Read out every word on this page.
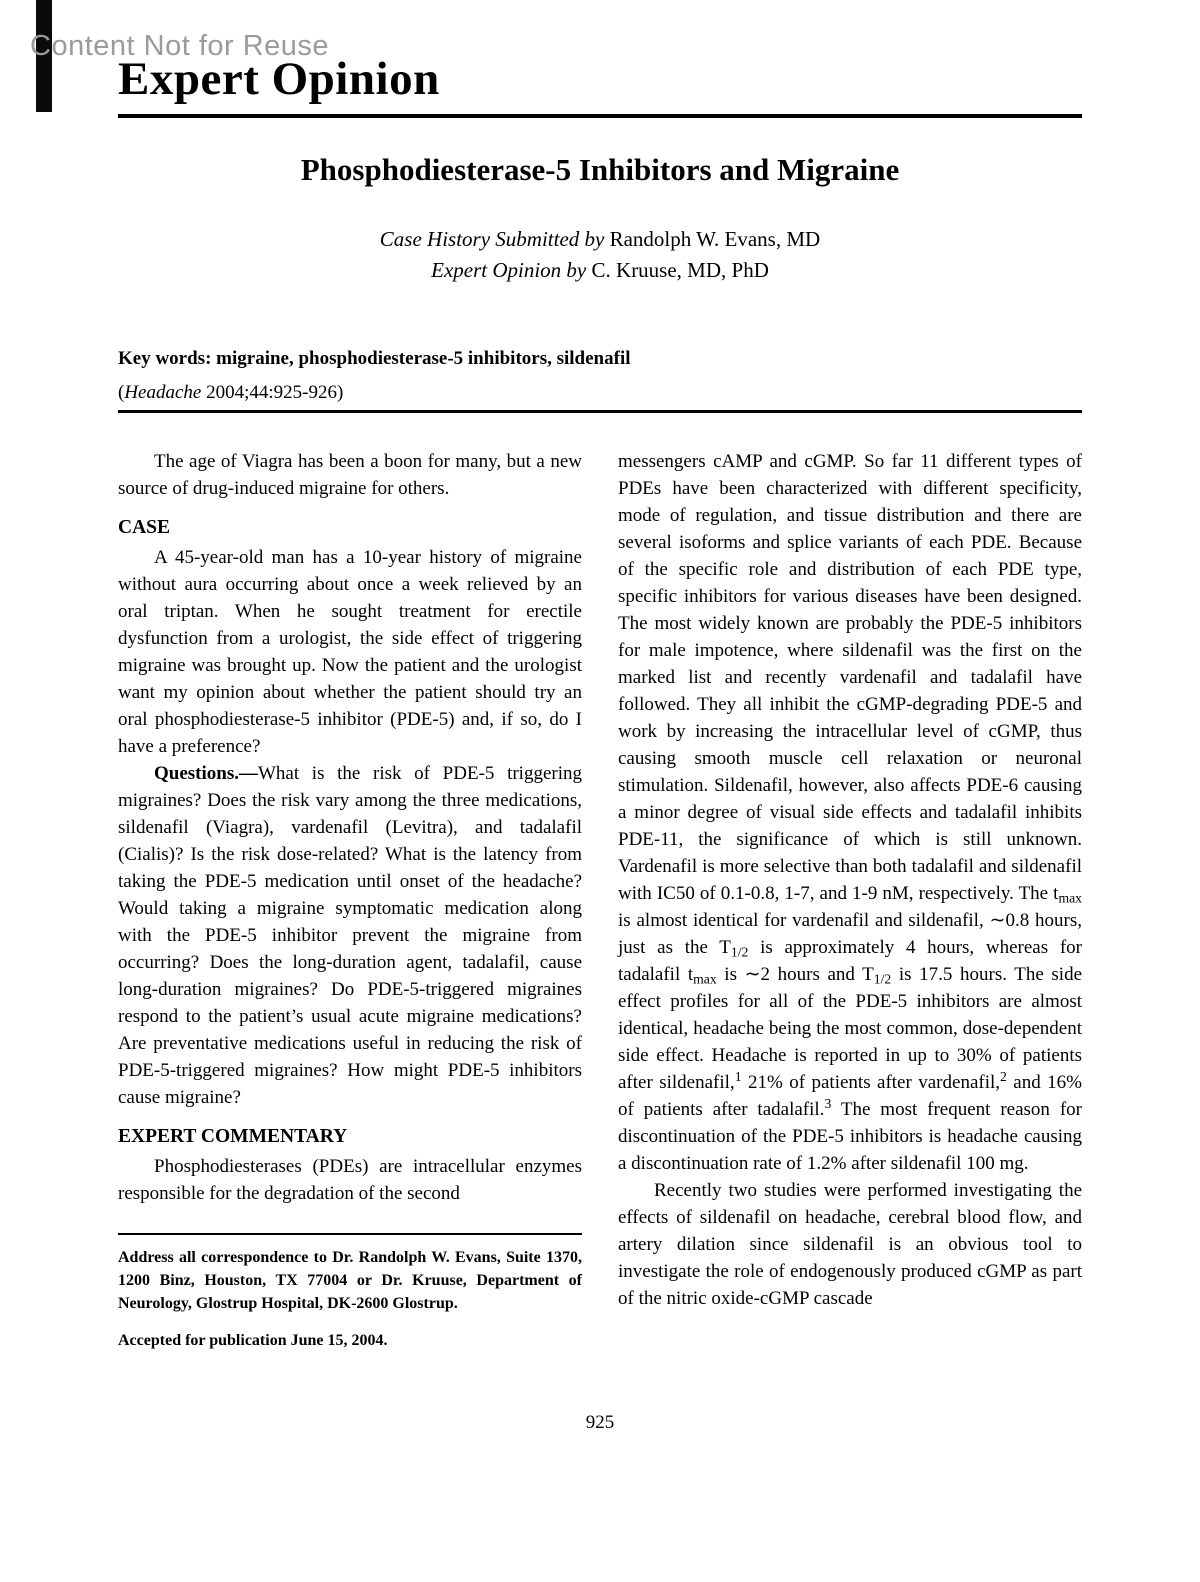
Content Not for Reuse
Expert Opinion
Phosphodiesterase-5 Inhibitors and Migraine
Case History Submitted by Randolph W. Evans, MD
Expert Opinion by C. Kruuse, MD, PhD

Key words: migraine, phosphodiesterase-5 inhibitors, sildenafil

(Headache 2004;44:925-926)

The age of Viagra has been a boon for many, but a new source of drug-induced migraine for others.

CASE

A 45-year-old man has a 10-year history of migraine without aura occurring about once a week relieved by an oral triptan. When he sought treatment for erectile dysfunction from a urologist, the side effect of triggering migraine was brought up. Now the patient and the urologist want my opinion about whether the patient should try an oral phosphodiesterase-5 inhibitor (PDE-5) and, if so, do I have a preference?

Questions.—What is the risk of PDE-5 triggering migraines? Does the risk vary among the three medications, sildenafil (Viagra), vardenafil (Levitra), and tadalafil (Cialis)? Is the risk dose-related? What is the latency from taking the PDE-5 medication until onset of the headache? Would taking a migraine symptomatic medication along with the PDE-5 inhibitor prevent the migraine from occurring? Does the long-duration agent, tadalafil, cause long-duration migraines? Do PDE-5-triggered migraines respond to the patient’s usual acute migraine medications? Are preventative medications useful in reducing the risk of PDE-5-triggered migraines? How might PDE-5 inhibitors cause migraine?

EXPERT COMMENTARY

Phosphodiesterases (PDEs) are intracellular enzymes responsible for the degradation of the second

Address all correspondence to Dr. Randolph W. Evans, Suite 1370, 1200 Binz, Houston, TX 77004 or Dr. Kruuse, Department of Neurology, Glostrup Hospital, DK-2600 Glostrup.

Accepted for publication June 15, 2004.

messengers cAMP and cGMP. So far 11 different types of PDEs have been characterized with different specificity, mode of regulation, and tissue distribution and there are several isoforms and splice variants of each PDE. Because of the specific role and distribution of each PDE type, specific inhibitors for various diseases have been designed. The most widely known are probably the PDE-5 inhibitors for male impotence, where sildenafil was the first on the marked list and recently vardenafil and tadalafil have followed. They all inhibit the cGMP-degrading PDE-5 and work by increasing the intracellular level of cGMP, thus causing smooth muscle cell relaxation or neuronal stimulation. Sildenafil, however, also affects PDE-6 causing a minor degree of visual side effects and tadalafil inhibits PDE-11, the significance of which is still unknown. Vardenafil is more selective than both tadalafil and sildenafil with IC50 of 0.1-0.8, 1-7, and 1-9 nM, respectively. The $t_{max}$ is almost identical for vardenafil and sildenafil, ∼0.8 hours, just as the $T_{1/2}$ is approximately 4 hours, whereas for tadalafil $t_{max}$ is ∼2 hours and $T_{1/2}$ is 17.5 hours. The side effect profiles for all of the PDE-5 inhibitors are almost identical, headache being the most common, dose-dependent side effect. Headache is reported in up to 30% of patients after sildenafil,$^1$ 21% of patients after vardenafil,$^2$ and 16% of patients after tadalafil.$^3$ The most frequent reason for discontinuation of the PDE-5 inhibitors is headache causing a discontinuation rate of 1.2% after sildenafil 100 mg.

Recently two studies were performed investigating the effects of sildenafil on headache, cerebral blood flow, and artery dilation since sildenafil is an obvious tool to investigate the role of endogenously produced cGMP as part of the nitric oxide-cGMP cascade

925
